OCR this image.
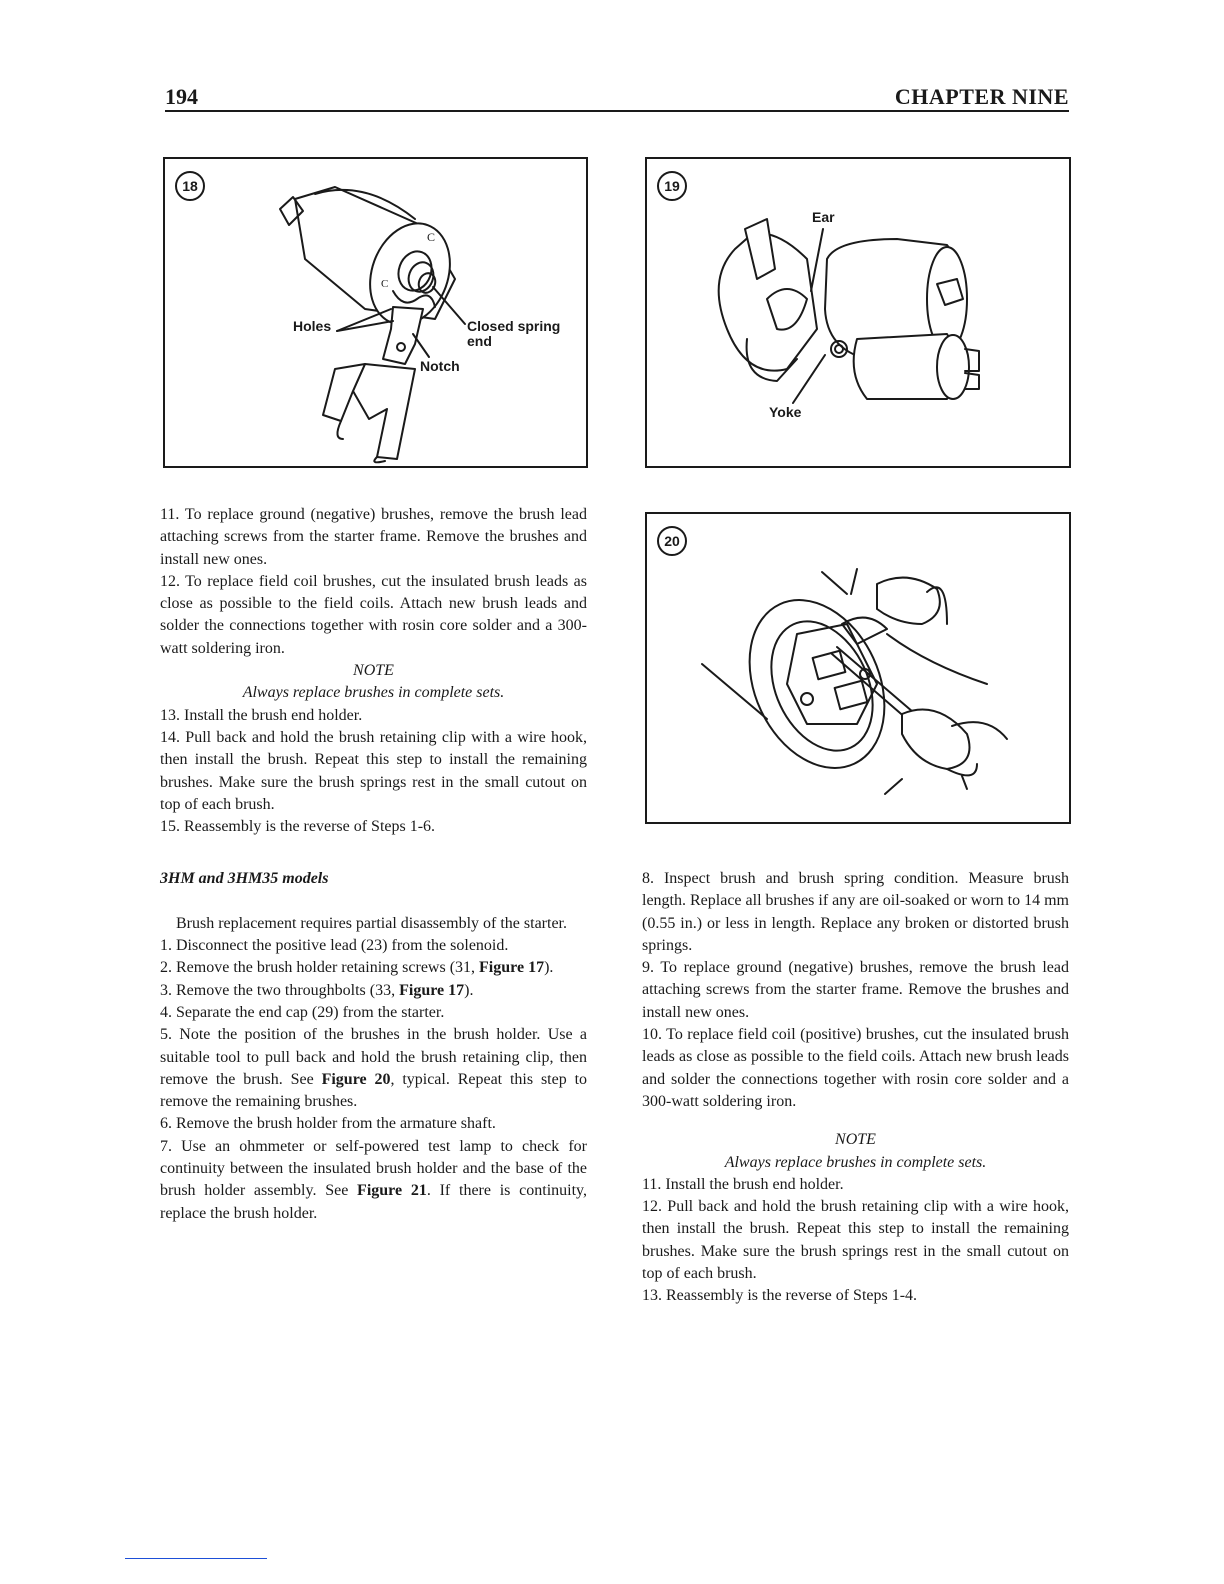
194	CHAPTER NINE
C
C
18
Holes	Closed spring
end
Notch
19
Ear
Yoke
20

11. To replace ground (negative) brushes, remove the brush lead attaching screws from the starter frame. Remove the brushes and install new ones.

12. To replace field coil brushes, cut the insulated brush leads as close as possible to the field coils. Attach new brush leads and solder the connections together with rosin core solder and a 300-watt soldering iron.

NOTE

Always replace brushes in complete sets.

13. Install the brush end holder.

14. Pull back and hold the brush retaining clip with a wire hook, then install the brush. Repeat this step to install the remaining brushes. Make sure the brush springs rest in the small cutout on top of each brush.

15. Reassembly is the reverse of Steps 1-6.

3HM and 3HM35 models

Brush replacement requires partial disassembly of the starter.

1. Disconnect the positive lead (23) from the solenoid.

2. Remove the brush holder retaining screws (31, Figure 17).

3. Remove the two throughbolts (33, Figure 17).

4. Separate the end cap (29) from the starter.

5. Note the position of the brushes in the brush holder. Use a suitable tool to pull back and hold the brush retaining clip, then remove the brush. See Figure 20, typical. Repeat this step to remove the remaining brushes.

6. Remove the brush holder from the armature shaft.

7. Use an ohmmeter or self-powered test lamp to check for continuity between the insulated brush holder and the base of the brush holder assembly. See Figure 21. If there is continuity, replace the brush holder.

8. Inspect brush and brush spring condition. Measure brush length. Replace all brushes if any are oil-soaked or worn to 14 mm (0.55 in.) or less in length. Replace any broken or distorted brush springs.

9. To replace ground (negative) brushes, remove the brush lead attaching screws from the starter frame. Remove the brushes and install new ones.

10. To replace field coil (positive) brushes, cut the insulated brush leads as close as possible to the field coils. Attach new brush leads and solder the connections together with rosin core solder and a 300-watt soldering iron.

NOTE

Always replace brushes in complete sets.

11. Install the brush end holder.

12. Pull back and hold the brush retaining clip with a wire hook, then install the brush. Repeat this step to install the remaining brushes. Make sure the brush springs rest in the small cutout on top of each brush.

13. Reassembly is the reverse of Steps 1-4.
